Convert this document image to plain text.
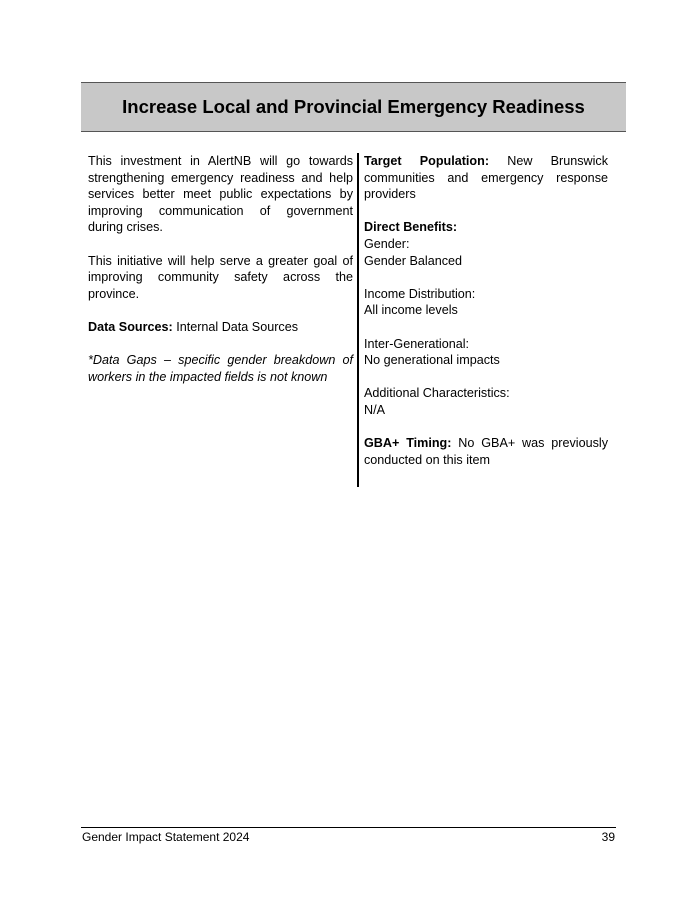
Increase Local and Provincial Emergency Readiness

This investment in AlertNB will go towards strengthening emergency readiness and help services better meet public expectations by improving communication of government during crises.

This initiative will help serve a greater goal of improving community safety across the province.

Data Sources: Internal Data Sources

*Data Gaps – specific gender breakdown of workers in the impacted fields is not known

Target Population: New Brunswick communities and emergency response providers

Direct Benefits:
Gender:
Gender Balanced

Income Distribution:
All income levels

Inter-Generational:
No generational impacts

Additional Characteristics:
N/A

GBA+ Timing: No GBA+ was previously conducted on this item

Gender Impact Statement 2024	39
